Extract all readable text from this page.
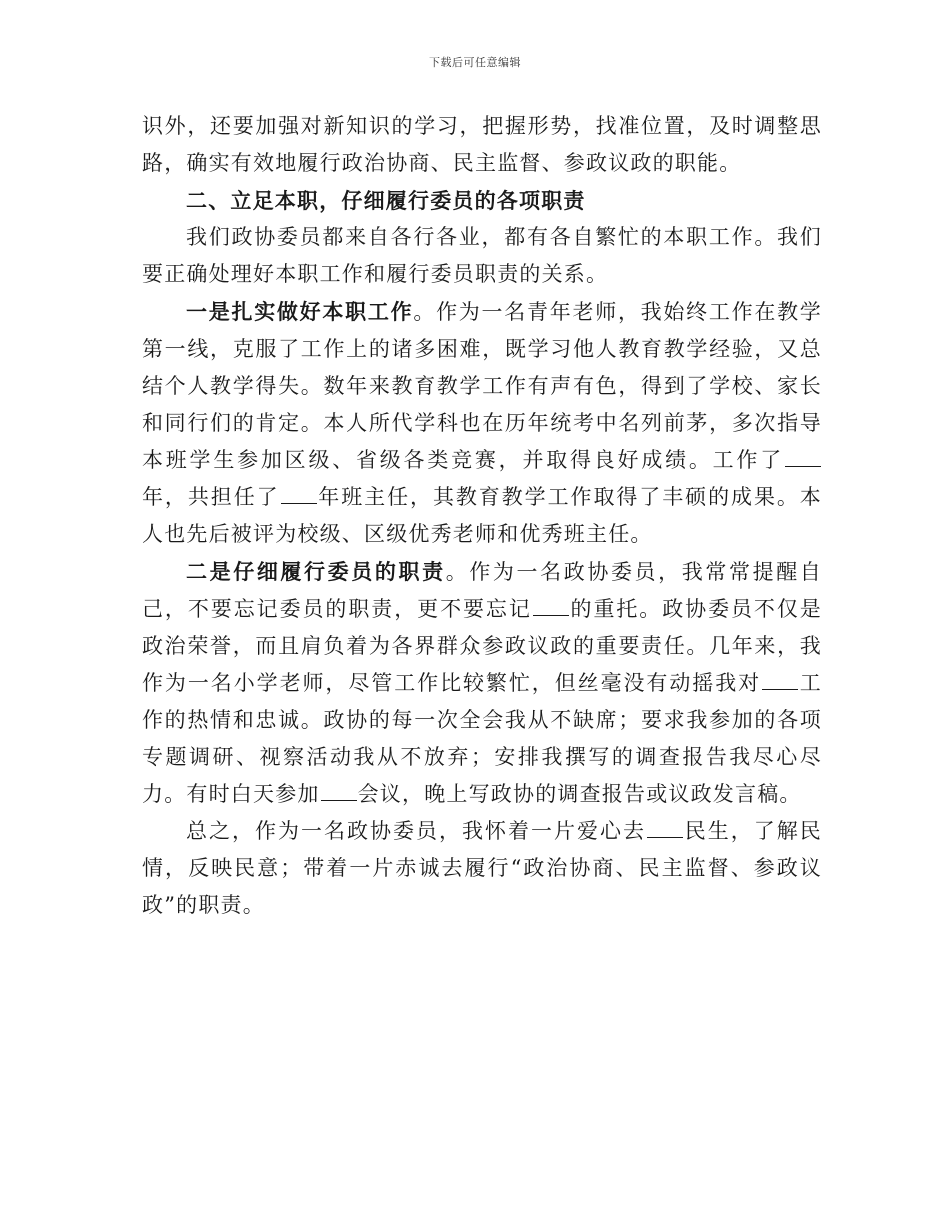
下载后可任意编辑

识外，还要加强对新知识的学习，把握形势，找准位置，及时调整思路，确实有效地履行政治协商、民主监督、参政议政的职能。

二、立足本职，仔细履行委员的各项职责

我们政协委员都来自各行各业，都有各自繁忙的本职工作。我们要正确处理好本职工作和履行委员职责的关系。

一是扎实做好本职工作。作为一名青年老师，我始终工作在教学第一线，克服了工作上的诸多困难，既学习他人教育教学经验，又总结个人教学得失。数年来教育教学工作有声有色，得到了学校、家长和同行们的肯定。本人所代学科也在历年统考中名列前茅，多次指导本班学生参加区级、省级各类竞赛，并取得良好成绩。工作了年，共担任了 年班主任，其教育教学工作取得了丰硕的成果。本人也先后被评为校级、区级优秀老师和优秀班主任。

二是仔细履行委员的职责。作为一名政协委员，我常常提醒自己，不要忘记委员的职责，更不要忘记 的重托。政协委员不仅是政治荣誉，而且肩负着为各界群众参政议政的重要责任。几年来，我作为一名小学老师，尽管工作比较繁忙，但丝毫没有动摇我对 工作的热情和忠诚。政协的每一次全会我从不缺席；要求我参加的各项专题调研、视察活动我从不放弃；安排我撰写的调查报告我尽心尽力。有时白天参加 会议，晚上写政协的调查报告或议政发言稿。

总之，作为一名政协委员，我怀着一片爱心去 民生，了解民情，反映民意；带着一片赤诚去履行“政治协商、民主监督、参政议政”的职责。
